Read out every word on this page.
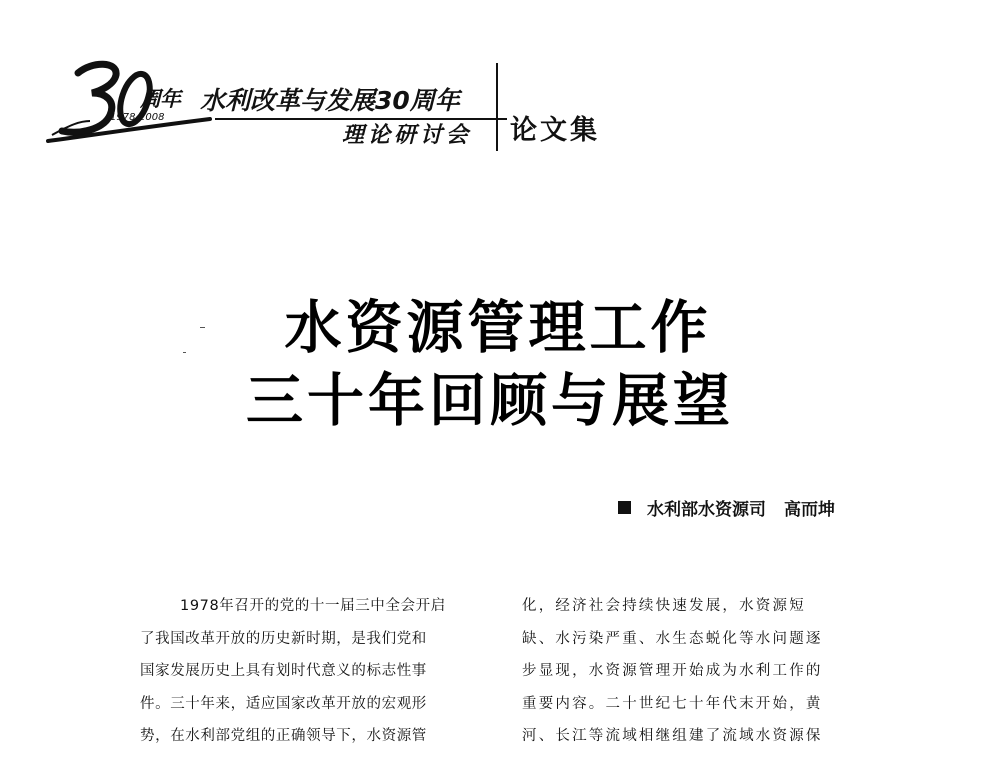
周年
1978-2008
水利改革与发展30周年
理论研讨会 论文集
水资源管理工作
三十年回顾与展望
水利部水资源司 高而坤
1978年召开的党的十一届三中全会开启
了我国改革开放的历史新时期，是我们党和
国家发展历史上具有划时代意义的标志性事
件。三十年来，适应国家改革开放的宏观形
势，在水利部党组的正确领导下，水资源管
化，经济社会持续快速发展，水资源短
缺、水污染严重、水生态蜕化等水问题逐
步显现，水资源管理开始成为水利工作的
重要内容。二十世纪七十年代末开始，黄
河、长江等流域相继组建了流域水资源保
